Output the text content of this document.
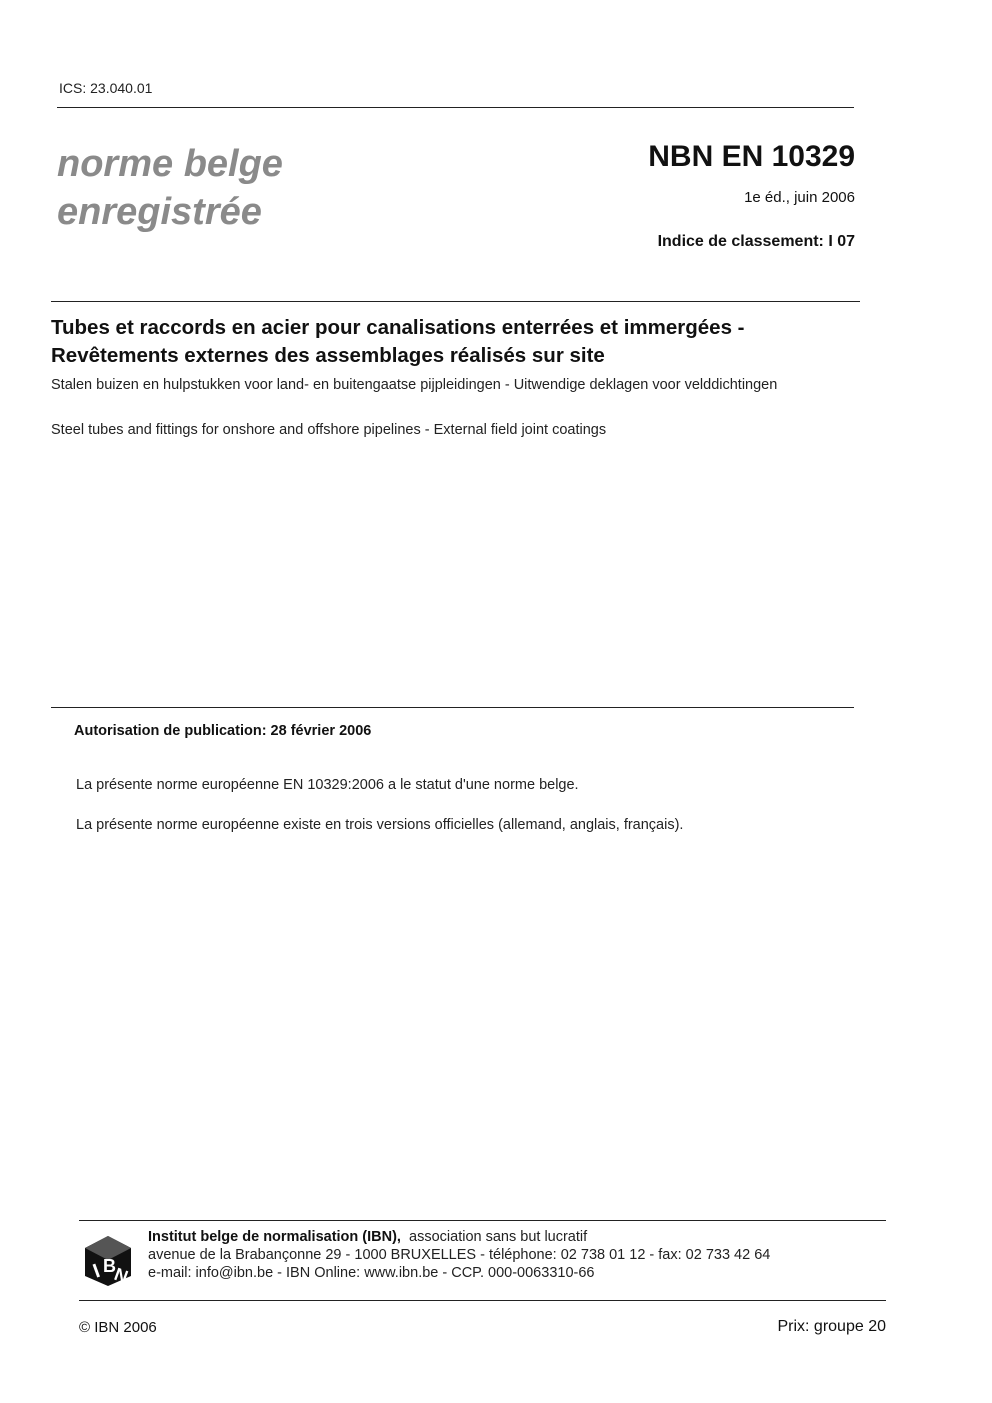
ICS: 23.040.01
norme belge
enregistrée
NBN EN 10329
1e éd., juin 2006
Indice de classement: I 07
Tubes et raccords en acier pour canalisations enterrées et immergées -
Revêtements externes des assemblages réalisés sur site
Stalen buizen en hulpstukken voor land- en buitengaatse pijpleidingen - Uitwendige deklagen voor velddichtingen
Steel tubes and fittings for onshore and offshore pipelines - External field joint coatings
Autorisation de publication: 28 février 2006
La présente norme européenne EN 10329:2006 a le statut d'une norme belge.
La présente norme européenne existe en trois versions officielles (allemand, anglais, français).
I B
N
Institut belge de normalisation (IBN), association sans but lucratif
avenue de la Brabançonne 29 - 1000 BRUXELLES - téléphone: 02 738 01 12 - fax: 02 733 42 64
e-mail: info@ibn.be - IBN Online: www.ibn.be - CCP. 000-0063310-66
© IBN 2006	Prix: groupe 20
